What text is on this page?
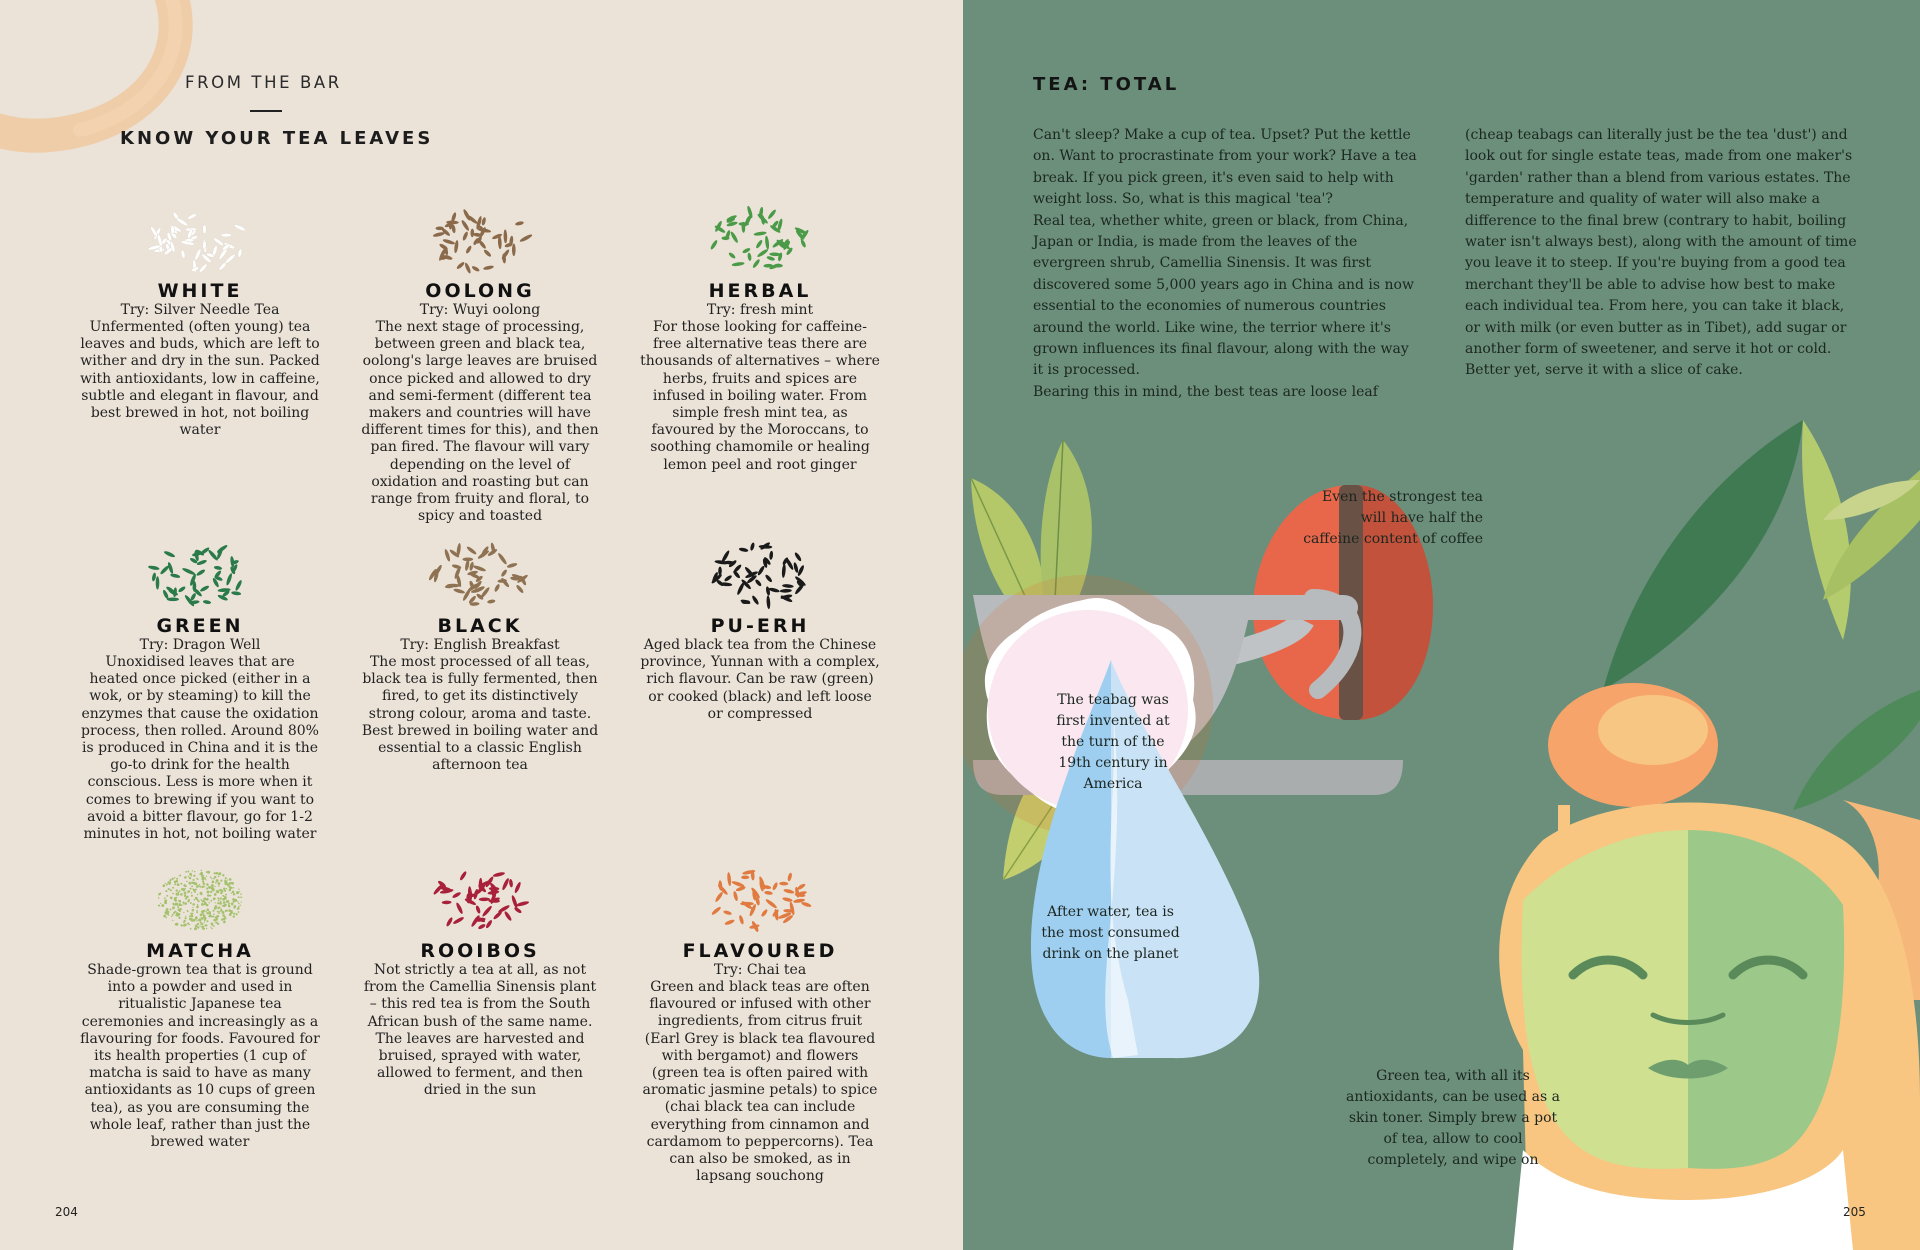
FROM THE BAR
KNOW YOUR TEA LEAVES
WHITE
Try: Silver Needle Tea
Unfermented (often young) tea leaves and buds, which are left to wither and dry in the sun. Packed with antioxidants, low in caffeine, subtle and elegant in flavour, and best brewed in hot, not boiling water
OOLONG
Try: Wuyi oolong
The next stage of processing, between green and black tea, oolong's large leaves are bruised once picked and allowed to dry and semi-ferment (different tea makers and countries will have different times for this), and then pan fired. The flavour will vary depending on the level of oxidation and roasting but can range from fruity and floral, to spicy and toasted
HERBAL
Try: fresh mint
For those looking for caffeine-free alternative teas there are thousands of alternatives – where herbs, fruits and spices are infused in boiling water. From simple fresh mint tea, as favoured by the Moroccans, to soothing chamomile or healing lemon peel and root ginger
GREEN
Try: Dragon Well
Unoxidised leaves that are heated once picked (either in a wok, or by steaming) to kill the enzymes that cause the oxidation process, then rolled. Around 80% is produced in China and it is the go-to drink for the health conscious. Less is more when it comes to brewing if you want to avoid a bitter flavour, go for 1-2 minutes in hot, not boiling water
BLACK
Try: English Breakfast
The most processed of all teas, black tea is fully fermented, then fired, to get its distinctively strong colour, aroma and taste. Best brewed in boiling water and essential to a classic English afternoon tea
PU-ERH
Aged black tea from the Chinese province, Yunnan with a complex, rich flavour. Can be raw (green) or cooked (black) and left loose or compressed
MATCHA
Shade-grown tea that is ground into a powder and used in ritualistic Japanese tea ceremonies and increasingly as a flavouring for foods. Favoured for its health properties (1 cup of matcha is said to have as many antioxidants as 10 cups of green tea), as you are consuming the whole leaf, rather than just the brewed water
ROOIBOS
Not strictly a tea at all, as not from the Camellia Sinensis plant – this red tea is from the South African bush of the same name. The leaves are harvested and bruised, sprayed with water, allowed to ferment, and then dried in the sun
FLAVOURED
Try: Chai tea
Green and black teas are often flavoured or infused with other ingredients, from citrus fruit (Earl Grey is black tea flavoured with bergamot) and flowers (green tea is often paired with aromatic jasmine petals) to spice (chai black tea can include everything from cinnamon and cardamom to peppercorns). Tea can also be smoked, as in lapsang souchong
204
TEA: TOTAL

Can't sleep? Make a cup of tea. Upset? Put the kettle on. Want to procrastinate from your work? Have a tea break. If you pick green, it's even said to help with weight loss. So, what is this magical 'tea'?

Real tea, whether white, green or black, from China, Japan or India, is made from the leaves of the evergreen shrub, Camellia Sinensis. It was first discovered some 5,000 years ago in China and is now essential to the economies of numerous countries around the world. Like wine, the terrior where it's grown influences its final flavour, along with the way it is processed.

Bearing this in mind, the best teas are loose leaf

(cheap teabags can literally just be the tea 'dust') and look out for single estate teas, made from one maker's 'garden' rather than a blend from various estates. The temperature and quality of water will also make a difference to the final brew (contrary to habit, boiling water isn't always best), along with the amount of time you leave it to steep. If you're buying from a good tea merchant they'll be able to advise how best to make each individual tea. From here, you can take it black, or with milk (or even butter as in Tibet), add sugar or another form of sweetener, and serve it hot or cold. Better yet, serve it with a slice of cake.

Even the strongest tea will have half the caffeine content of coffee
The teabag was first invented at the turn of the 19th century in America
After water, tea is the most consumed drink on the planet
Green tea, with all its antioxidants, can be used as a skin toner. Simply brew a pot of tea, allow to cool completely, and wipe on
205
